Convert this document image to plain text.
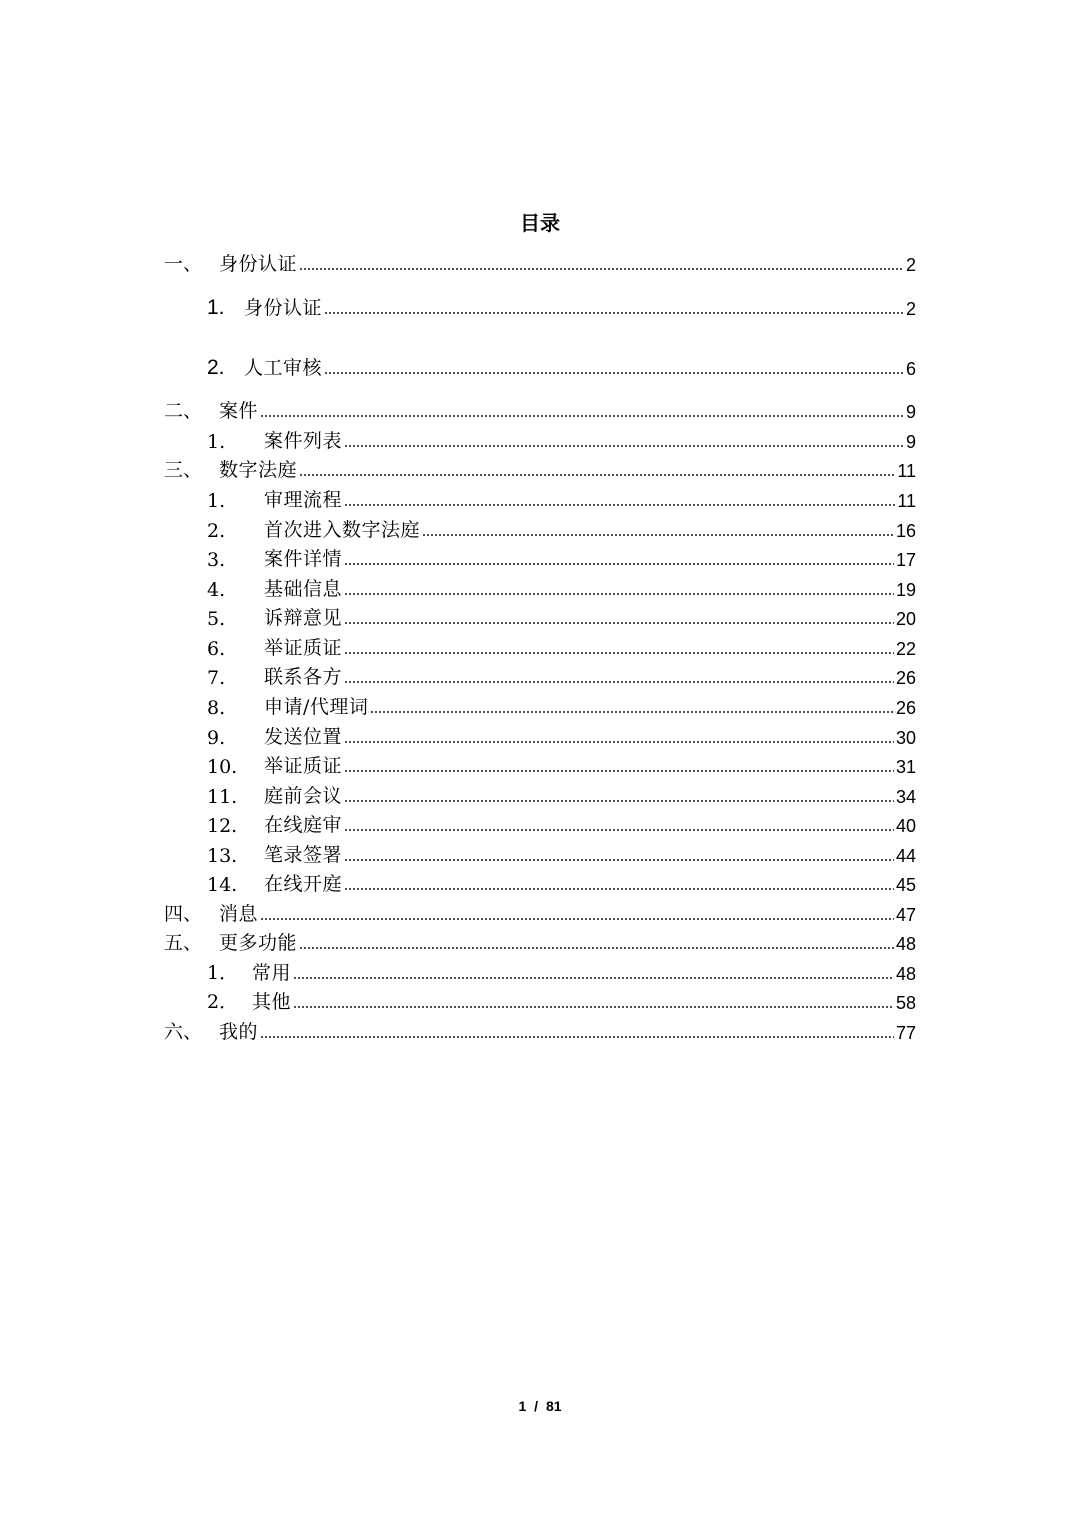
目录
一、 身份认证	2
1.	身份认证	2
2.	人工审核	6
二、 案件	9
1.	案件列表	9
三、 数字法庭	11
1.	审理流程	11
2.	首次进入数字法庭	16
3.	案件详情	17
4.	基础信息	19
5.	诉辩意见	20
6.	举证质证	22
7.	联系各方	26
8.	申请/代理词	26
9.	发送位置	30
10.	举证质证	31
11.	庭前会议	34
12.	在线庭审	40
13.	笔录签署	44
14.	在线开庭	45
四、 消息	47
五、 更多功能	48
1． 常用	48
2． 其他	58
六、 我的	77
1 / 81
